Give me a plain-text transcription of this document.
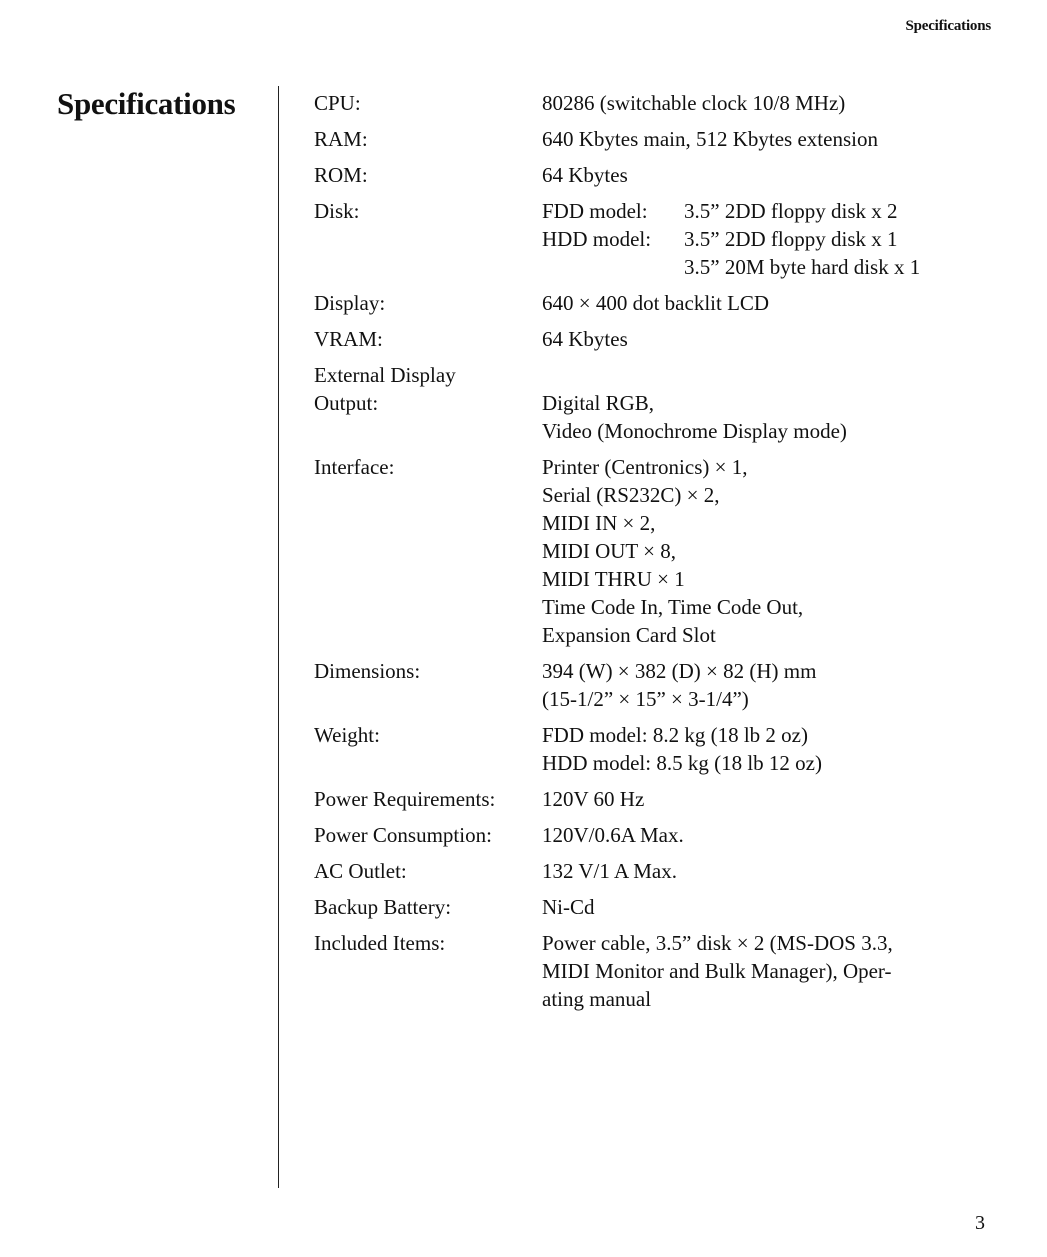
Specifications
Specifications	CPU:	80286 (switchable clock 10/8 MHz)
RAM:	640 Kbytes main, 512 Kbytes extension
ROM:	64 Kbytes
Disk:	FDD model:	3.5” 2DD floppy disk x 2
HDD model:	3.5” 2DD floppy disk x 1
3.5” 20M byte hard disk x 1
Display:	640 × 400 dot backlit LCD
VRAM:	64 Kbytes
External Display
Output:	Digital RGB,
Video (Monochrome Display mode)
Interface:	Printer (Centronics) × 1,
Serial (RS232C) × 2,
MIDI IN × 2,
MIDI OUT × 8,
MIDI THRU × 1
Time Code In, Time Code Out,
Expansion Card Slot
Dimensions:	394 (W) × 382 (D) × 82 (H) mm
(15-1/2” × 15” × 3-1/4”)
Weight:	FDD model: 8.2 kg (18 lb 2 oz)
HDD model: 8.5 kg (18 lb 12 oz)
Power Requirements:	120V 60 Hz
Power Consumption:	120V/0.6A Max.
AC Outlet:	132 V/1 A Max.
Backup Battery:	Ni-Cd
Included Items:	Power cable, 3.5” disk × 2 (MS-DOS 3.3,
MIDI Monitor and Bulk Manager), Oper-
ating manual
3
